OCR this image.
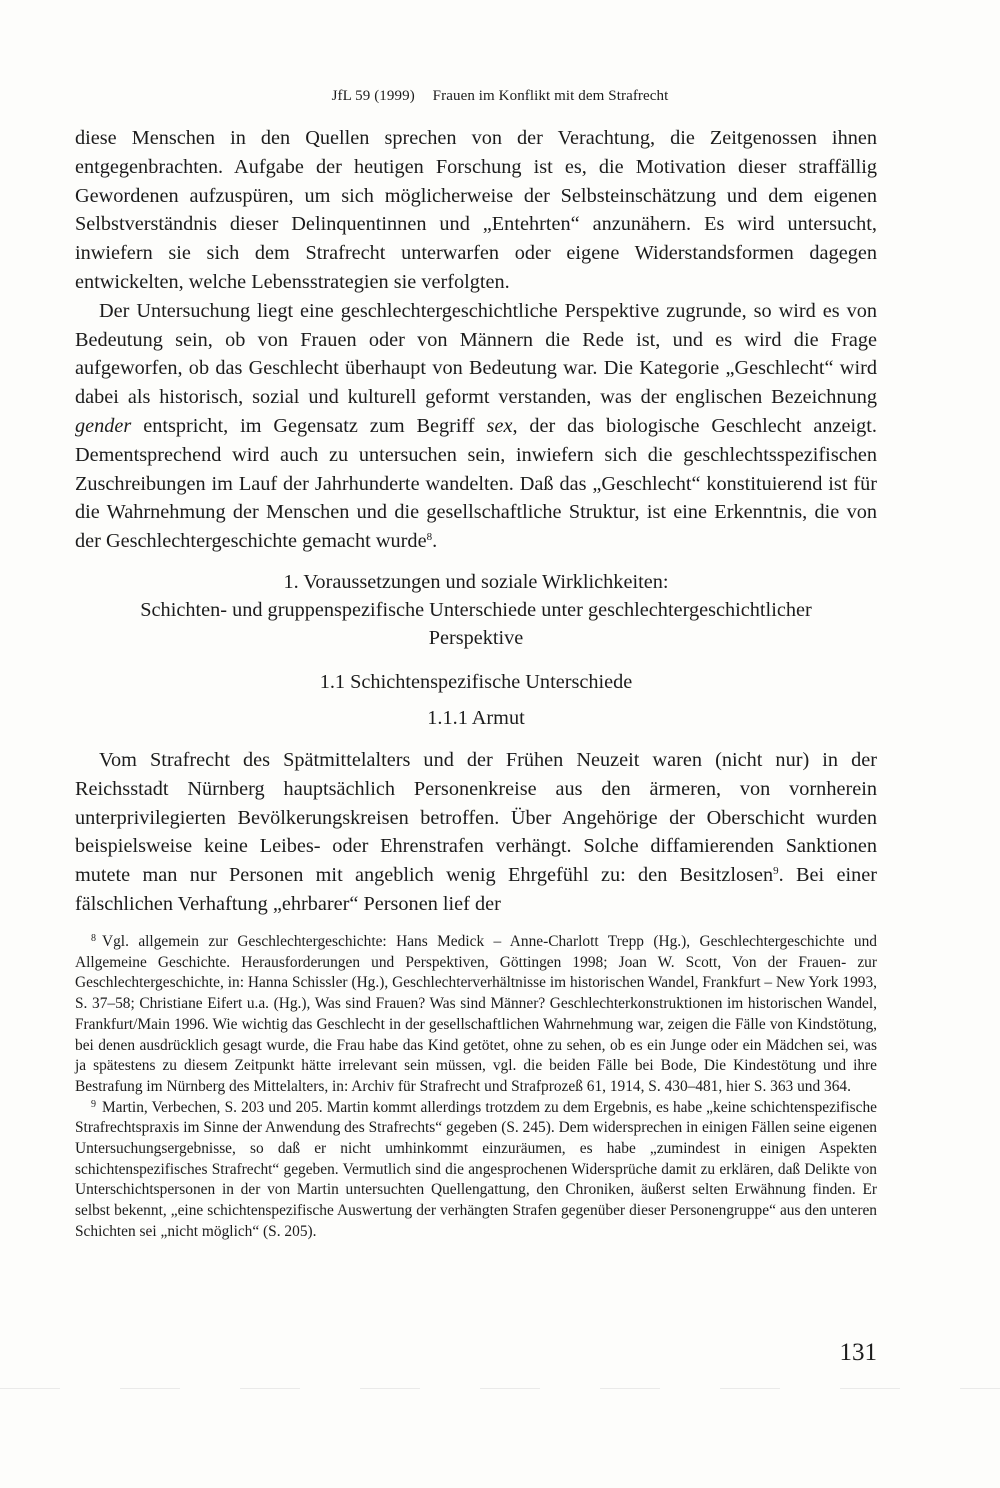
JfL 59 (1999) Frauen im Konflikt mit dem Strafrecht

diese Menschen in den Quellen sprechen von der Verachtung, die Zeitgenossen ihnen entgegenbrachten. Aufgabe der heutigen Forschung ist es, die Motivation dieser straffällig Gewordenen aufzuspüren, um sich möglicherweise der Selbsteinschätzung und dem eigenen Selbstverständnis dieser Delinquentinnen und „Entehrten“ anzunähern. Es wird untersucht, inwiefern sie sich dem Strafrecht unterwarfen oder eigene Widerstandsformen dagegen entwickelten, welche Lebensstrategien sie verfolgten.

Der Untersuchung liegt eine geschlechtergeschichtliche Perspektive zugrunde, so wird es von Bedeutung sein, ob von Frauen oder von Männern die Rede ist, und es wird die Frage aufgeworfen, ob das Geschlecht überhaupt von Bedeutung war. Die Kategorie „Geschlecht“ wird dabei als historisch, sozial und kulturell geformt verstanden, was der englischen Bezeichnung gender entspricht, im Gegensatz zum Begriff sex, der das biologische Geschlecht anzeigt. Dementsprechend wird auch zu untersuchen sein, inwiefern sich die geschlechtsspezifischen Zuschreibungen im Lauf der Jahrhunderte wandelten. Daß das „Geschlecht“ konstituierend ist für die Wahrnehmung der Menschen und die gesellschaftliche Struktur, ist eine Erkenntnis, die von der Geschlechtergeschichte gemacht wurde$^8$.

1. Voraussetzungen und soziale Wirklichkeiten:
Schichten- und gruppenspezifische Unterschiede unter geschlechtergeschichtlicher
Perspektive
1.1 Schichtenspezifische Unterschiede
1.1.1 Armut

Vom Strafrecht des Spätmittelalters und der Frühen Neuzeit waren (nicht nur) in der Reichsstadt Nürnberg hauptsächlich Personenkreise aus den ärmeren, von vornherein unterprivilegierten Bevölkerungskreisen betroffen. Über Angehörige der Oberschicht wurden beispielsweise keine Leibes- oder Ehrenstrafen verhängt. Solche diffamierenden Sanktionen mutete man nur Personen mit angeblich wenig Ehrgefühl zu: den Besitzlosen$^9$. Bei einer fälschlichen Verhaftung „ehrbarer“ Personen lief der

$^8$ Vgl. allgemein zur Geschlechtergeschichte: Hans Medick – Anne-Charlott Trepp (Hg.), Geschlechtergeschichte und Allgemeine Geschichte. Herausforderungen und Perspektiven, Göttingen 1998; Joan W. Scott, Von der Frauen- zur Geschlechtergeschichte, in: Hanna Schissler (Hg.), Geschlechterverhältnisse im historischen Wandel, Frankfurt – New York 1993, S. 37–58; Christiane Eifert u.a. (Hg.), Was sind Frauen? Was sind Männer? Geschlechterkonstruktionen im historischen Wandel, Frankfurt/Main 1996. Wie wichtig das Geschlecht in der gesellschaftlichen Wahrnehmung war, zeigen die Fälle von Kindstötung, bei denen ausdrücklich gesagt wurde, die Frau habe das Kind getötet, ohne zu sehen, ob es ein Junge oder ein Mädchen sei, was ja spätestens zu diesem Zeitpunkt hätte irrelevant sein müssen, vgl. die beiden Fälle bei Bode, Die Kindestötung und ihre Bestrafung im Nürnberg des Mittelalters, in: Archiv für Strafrecht und Strafprozeß 61, 1914, S. 430–481, hier S. 363 und 364.

$^9$ Martin, Verbechen, S. 203 und 205. Martin kommt allerdings trotzdem zu dem Ergebnis, es habe „keine schichtenspezifische Strafrechtspraxis im Sinne der Anwendung des Strafrechts“ gegeben (S. 245). Dem widersprechen in einigen Fällen seine eigenen Untersuchungsergebnisse, so daß er nicht umhinkommt einzuräumen, es habe „zumindest in einigen Aspekten schichtenspezifisches Strafrecht“ gegeben. Vermutlich sind die angesprochenen Widersprüche damit zu erklären, daß Delikte von Unterschichtspersonen in der von Martin untersuchten Quellengattung, den Chroniken, äußerst selten Erwähnung finden. Er selbst bekennt, „eine schichtenspezifische Auswertung der verhängten Strafen gegenüber dieser Personengruppe“ aus den unteren Schichten sei „nicht möglich“ (S. 205).

131
